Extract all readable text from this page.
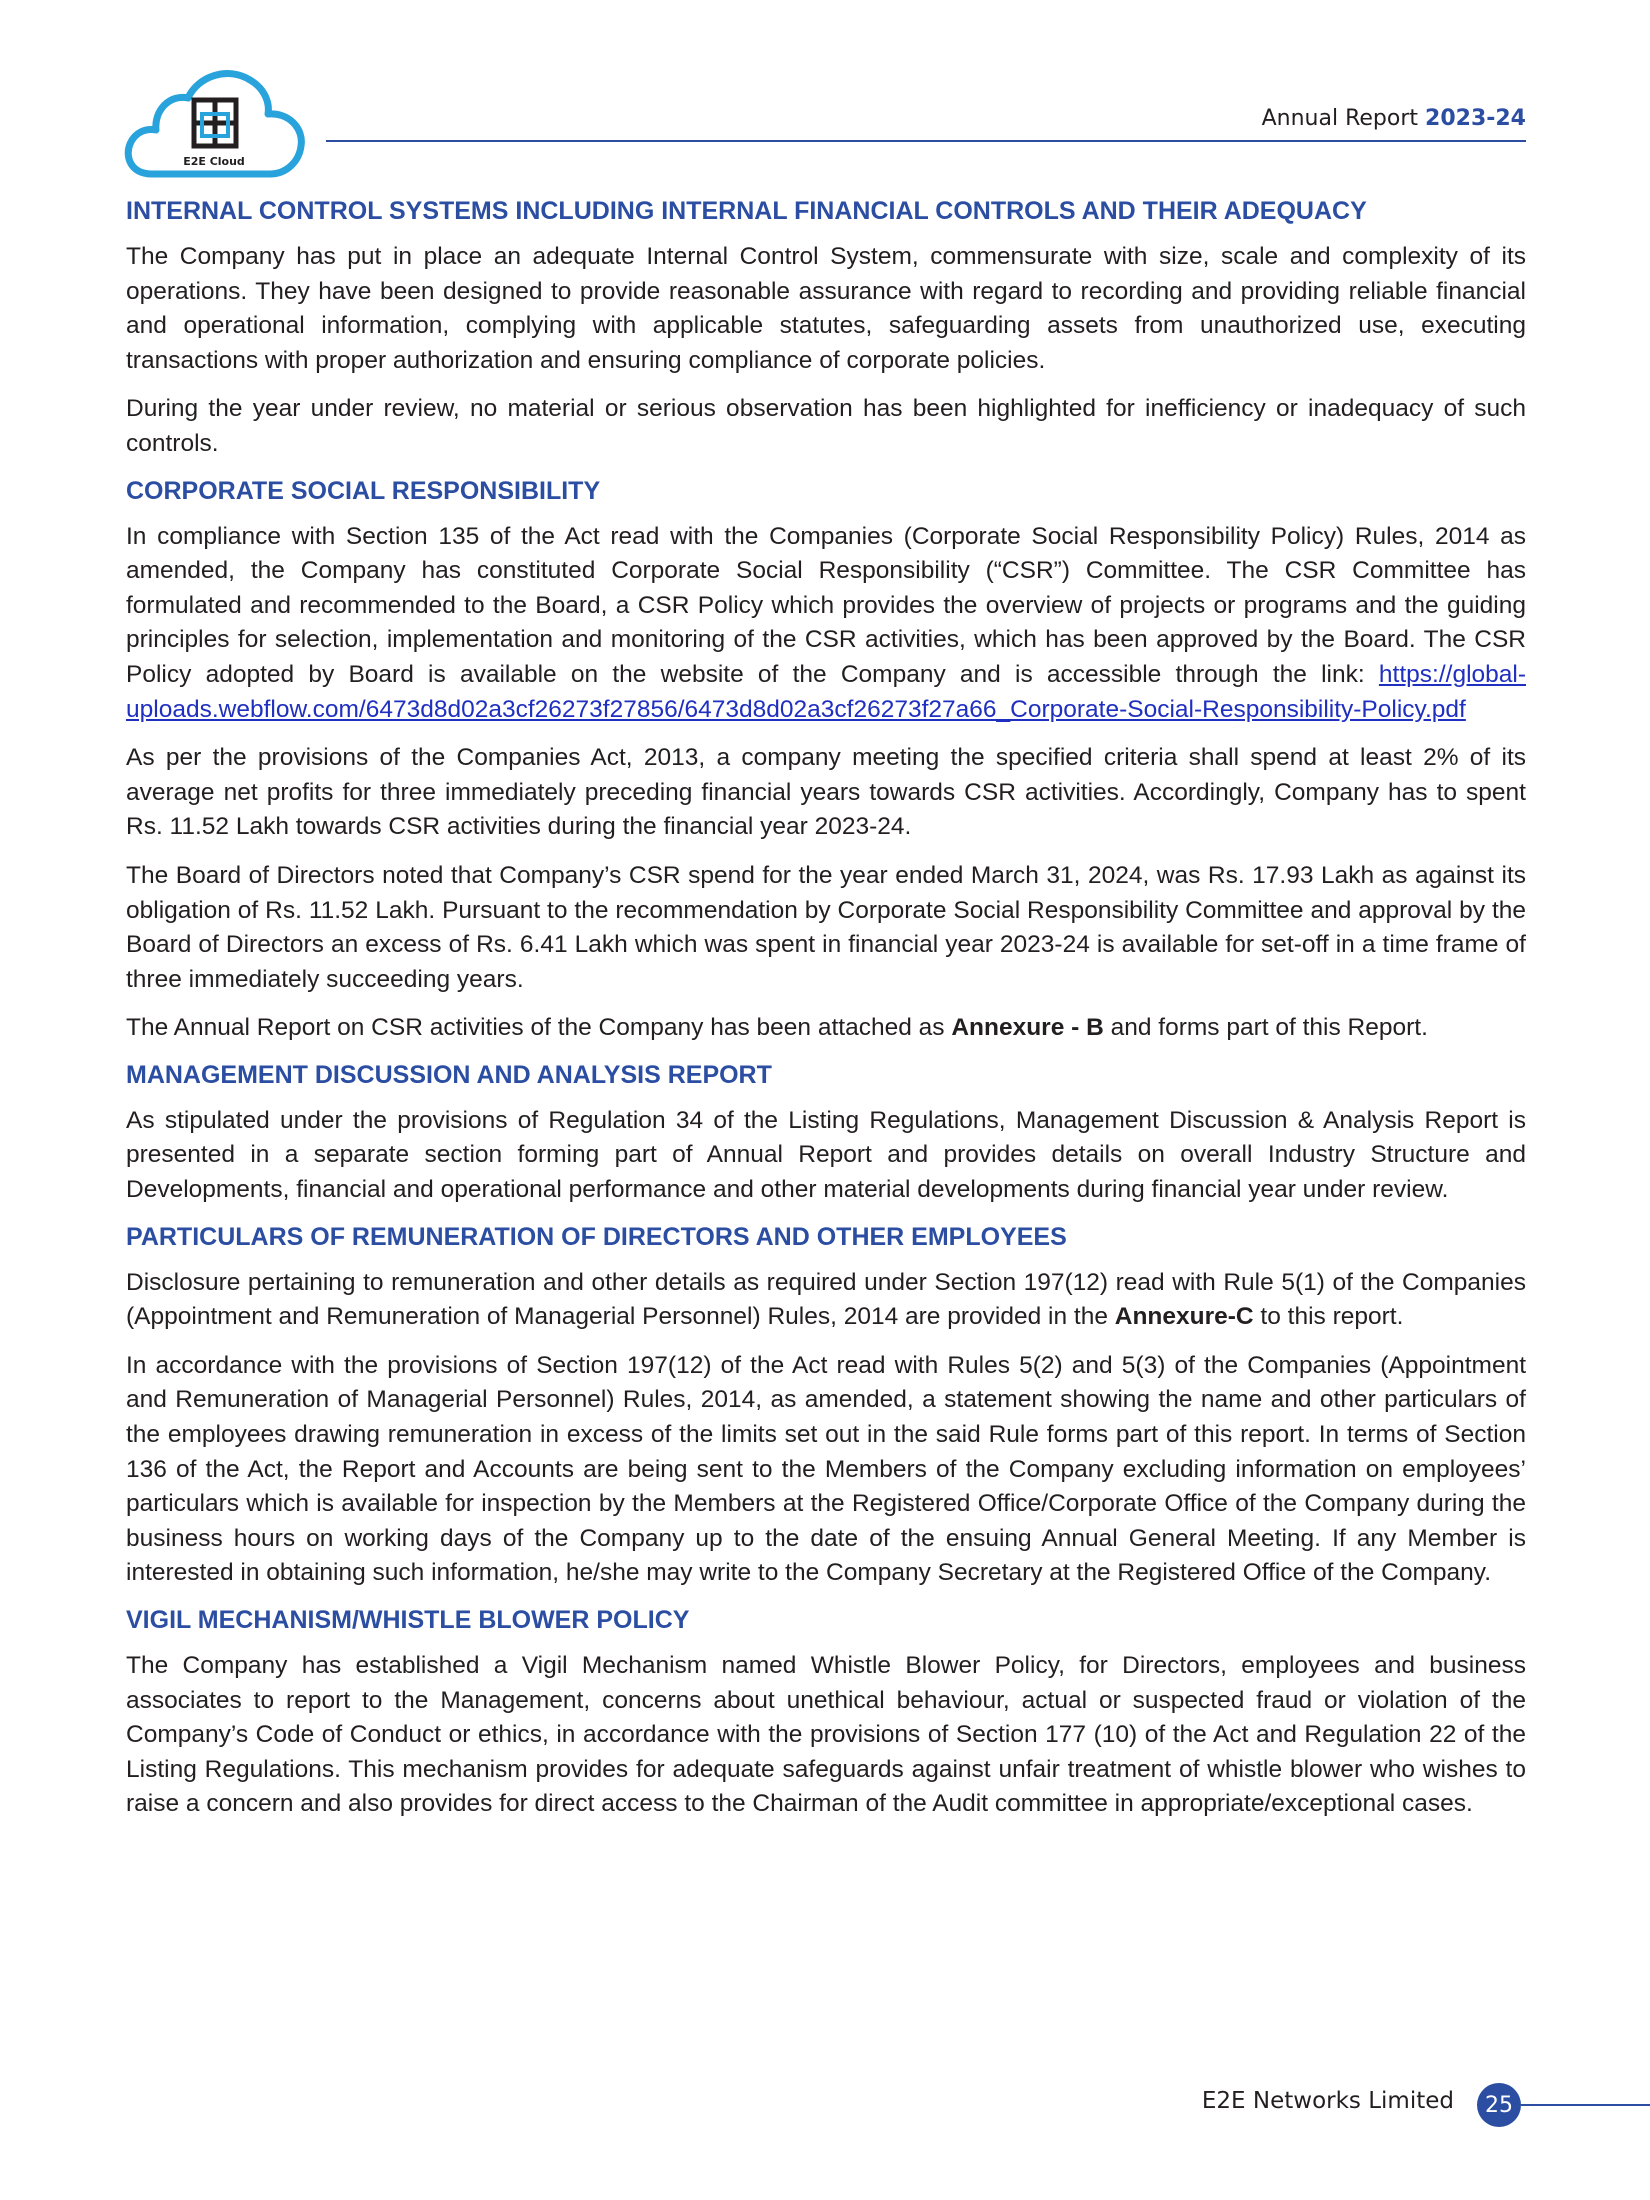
E2E Cloud
Annual Report 2023-24
INTERNAL CONTROL SYSTEMS INCLUDING INTERNAL FINANCIAL CONTROLS AND THEIR ADEQUACY

The Company has put in place an adequate Internal Control System, commensurate with size, scale and complexity of its operations. They have been designed to provide reasonable assurance with regard to recording and providing reliable financial and operational information, complying with applicable statutes, safeguarding assets from unauthorized use, executing transactions with proper authorization and ensuring compliance of corporate policies.

During the year under review, no material or serious observation has been highlighted for inefficiency or inadequacy of such controls.

CORPORATE SOCIAL RESPONSIBILITY

In compliance with Section 135 of the Act read with the Companies (Corporate Social Responsibility Policy) Rules, 2014 as amended, the Company has constituted Corporate Social Responsibility (“CSR”) Committee. The CSR Committee has formulated and recommended to the Board, a CSR Policy which provides the overview of projects or programs and the guiding principles for selection, implementation and monitoring of the CSR activities, which has been approved by the Board. The CSR Policy adopted by Board is available on the website of the Company and is accessible through the link: https://global-uploads.webflow.com/6473d8d02a3cf26273f27856/6473d8d02a3cf26273f27a66_Corporate-Social-Responsibility-Policy.pdf

As per the provisions of the Companies Act, 2013, a company meeting the specified criteria shall spend at least 2% of its average net profits for three immediately preceding financial years towards CSR activities. Accordingly, Company has to spent Rs. 11.52 Lakh towards CSR activities during the financial year 2023-24.

The Board of Directors noted that Company’s CSR spend for the year ended March 31, 2024, was Rs. 17.93 Lakh as against its obligation of Rs. 11.52 Lakh. Pursuant to the recommendation by Corporate Social Responsibility Committee and approval by the Board of Directors an excess of Rs. 6.41 Lakh which was spent in financial year 2023-24 is available for set-off in a time frame of three immediately succeeding years.

The Annual Report on CSR activities of the Company has been attached as Annexure - B and forms part of this Report.

MANAGEMENT DISCUSSION AND ANALYSIS REPORT

As stipulated under the provisions of Regulation 34 of the Listing Regulations, Management Discussion & Analysis Report is presented in a separate section forming part of Annual Report and provides details on overall Industry Structure and Developments, financial and operational performance and other material developments during financial year under review.

PARTICULARS OF REMUNERATION OF DIRECTORS AND OTHER EMPLOYEES

Disclosure pertaining to remuneration and other details as required under Section 197(12) read with Rule 5(1) of the Companies (Appointment and Remuneration of Managerial Personnel) Rules, 2014 are provided in the Annexure-C to this report.

In accordance with the provisions of Section 197(12) of the Act read with Rules 5(2) and 5(3) of the Companies (Appointment and Remuneration of Managerial Personnel) Rules, 2014, as amended, a statement showing the name and other particulars of the employees drawing remuneration in excess of the limits set out in the said Rule forms part of this report. In terms of Section 136 of the Act, the Report and Accounts are being sent to the Members of the Company excluding information on employees’ particulars which is available for inspection by the Members at the Registered Office/Corporate Office of the Company during the business hours on working days of the Company up to the date of the ensuing Annual General Meeting. If any Member is interested in obtaining such information, he/she may write to the Company Secretary at the Registered Office of the Company.

VIGIL MECHANISM/WHISTLE BLOWER POLICY

The Company has established a Vigil Mechanism named Whistle Blower Policy, for Directors, employees and business associates to report to the Management, concerns about unethical behaviour, actual or suspected fraud or violation of the Company’s Code of Conduct or ethics, in accordance with the provisions of Section 177 (10) of the Act and Regulation 22 of the Listing Regulations. This mechanism provides for adequate safeguards against unfair treatment of whistle blower who wishes to raise a concern and also provides for direct access to the Chairman of the Audit committee in appropriate/exceptional cases.

E2E Networks Limited	25
